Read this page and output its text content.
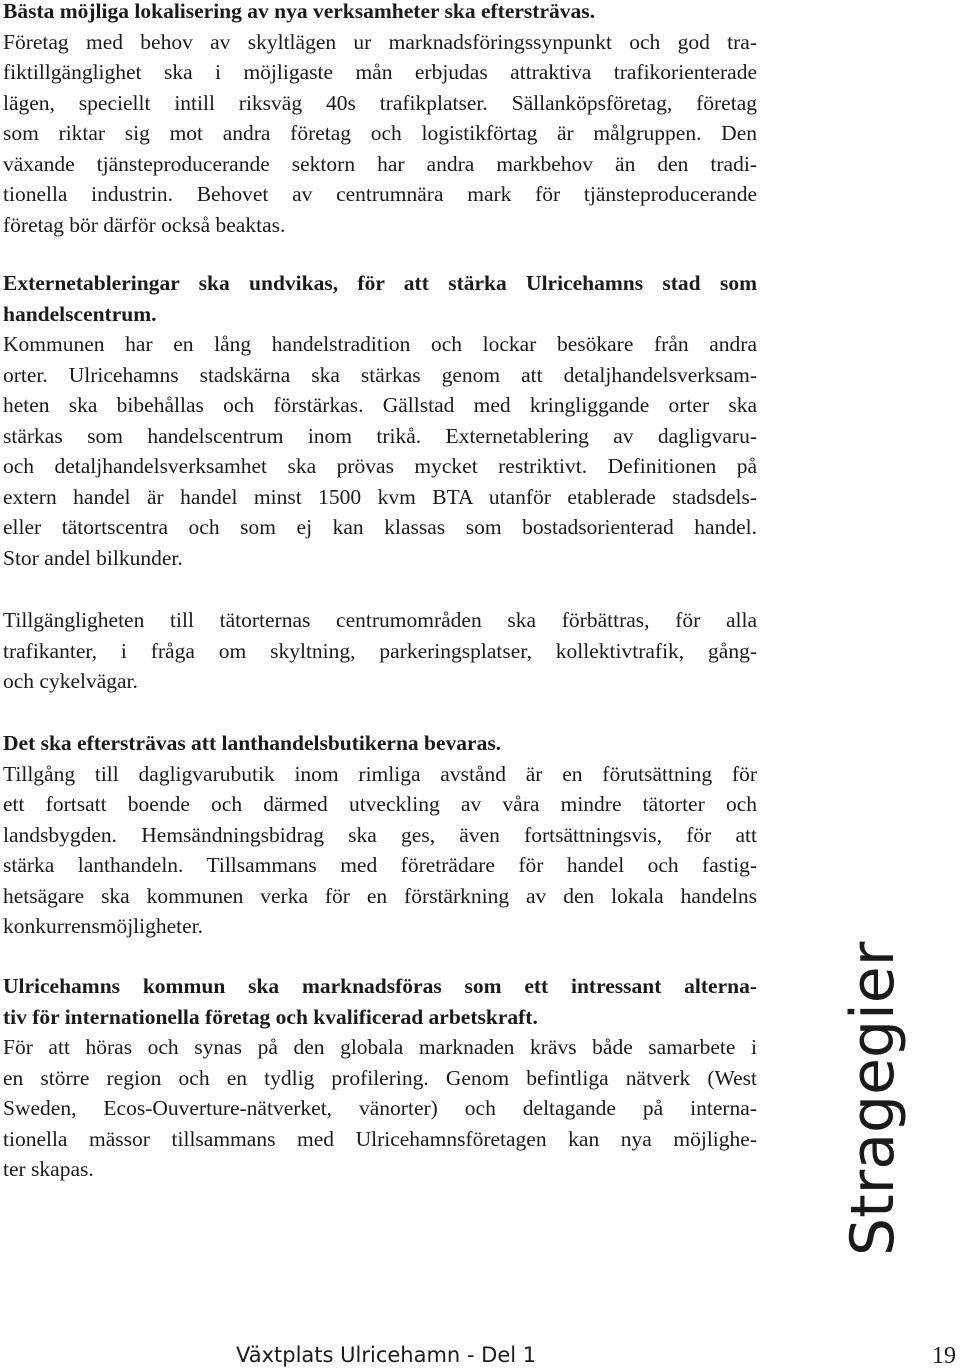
Bästa möjliga lokalisering av nya verksamheter ska eftersträvas.
Företag med behov av skyltlägen ur marknadsföringssynpunkt och god tra-
fiktillgänglighet ska i möjligaste mån erbjudas attraktiva trafikorienterade
lägen, speciellt intill riksväg 40s trafikplatser. Sällanköpsföretag, företag
som riktar sig mot andra företag och logistikförtag är målgruppen. Den
växande tjänsteproducerande sektorn har andra markbehov än den tradi-
tionella industrin. Behovet av centrumnära mark för tjänsteproducerande
företag bör därför också beaktas.
Externetableringar ska undvikas, för att stärka Ulricehamns stad som
handelscentrum.
Kommunen har en lång handelstradition och lockar besökare från andra
orter. Ulricehamns stadskärna ska stärkas genom att detaljhandelsverksam-
heten ska bibehållas och förstärkas. Gällstad med kringliggande orter ska
stärkas som handelscentrum inom trikå. Externetablering av dagligvaru-
och detaljhandelsverksamhet ska prövas mycket restriktivt. Definitionen på
extern handel är handel minst 1500 kvm BTA utanför etablerade stadsdels-
eller tätortscentra och som ej kan klassas som bostadsorienterad handel.
Stor andel bilkunder.
Tillgängligheten till tätorternas centrumområden ska förbättras, för alla
trafikanter, i fråga om skyltning, parkeringsplatser, kollektivtrafik, gång-
och cykelvägar.
Det ska eftersträvas att lanthandelsbutikerna bevaras.
Tillgång till dagligvarubutik inom rimliga avstånd är en förutsättning för
ett fortsatt boende och därmed utveckling av våra mindre tätorter och
landsbygden. Hemsändningsbidrag ska ges, även fortsättningsvis, för att
stärka lanthandeln. Tillsammans med företrädare för handel och fastig-
hetsägare ska kommunen verka för en förstärkning av den lokala handelns
konkurrensmöjligheter.
Ulricehamns kommun ska marknadsföras som ett intressant alterna-
tiv för internationella företag och kvalificerad arbetskraft.
För att höras och synas på den globala marknaden krävs både samarbete i
en större region och en tydlig profilering. Genom befintliga nätverk (West
Sweden, Ecos-Ouverture-nätverket, vänorter) och deltagande på interna-
tionella mässor tillsammans med Ulricehamnsföretagen kan nya möjlighe-
ter skapas.	Stragegier
Växtplats Ulricehamn - Del 1	19
